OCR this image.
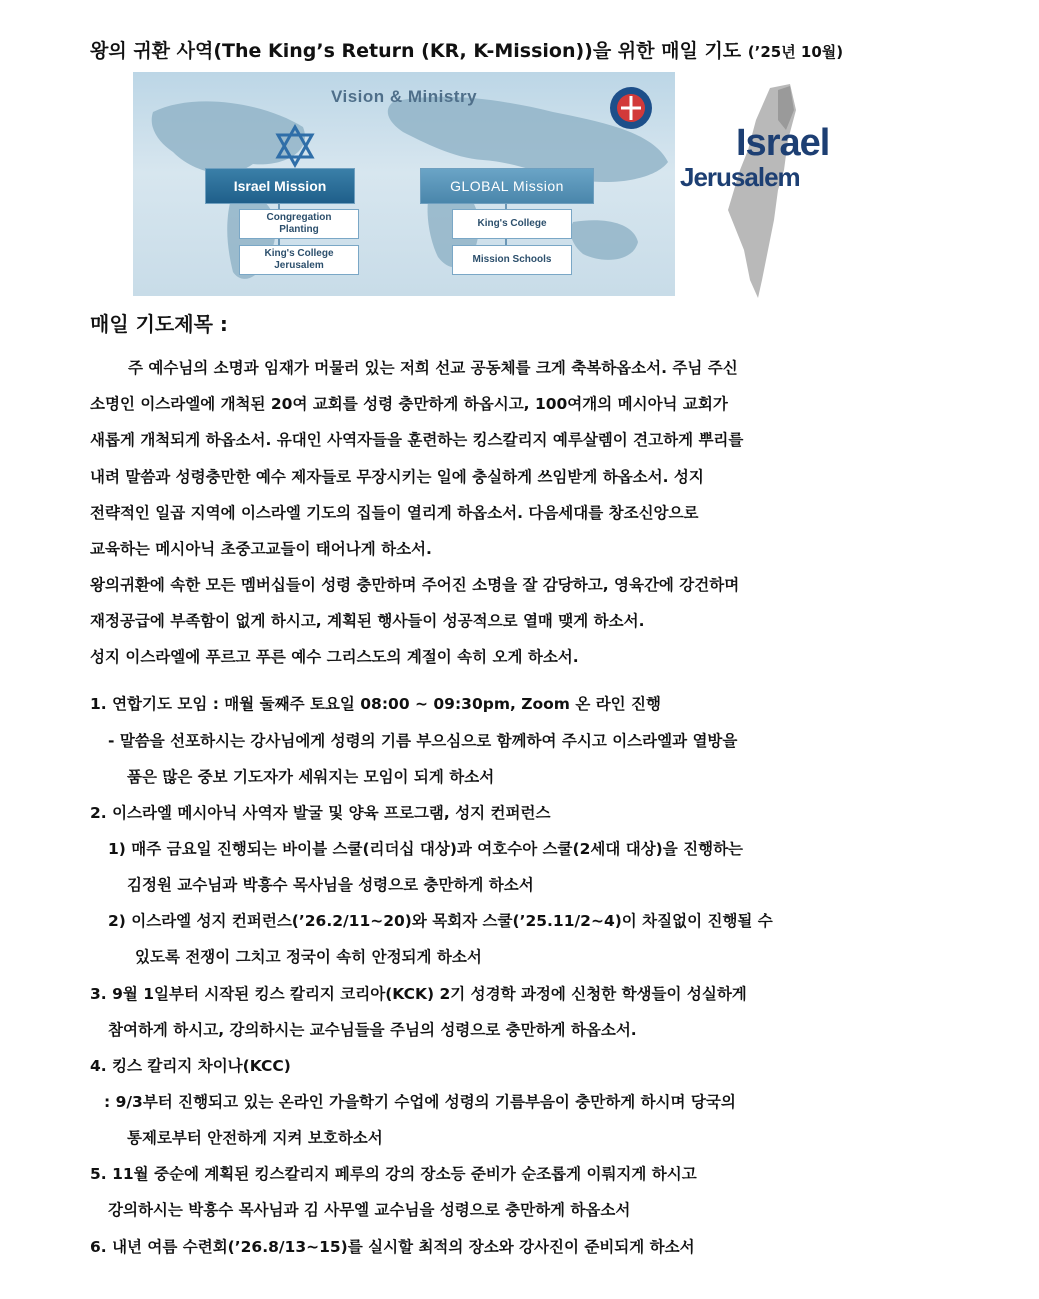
왕의 귀환 사역(The King’s Return (KR, K-Mission))을 위한 매일 기도 (’25년 10월)
Vision & Ministry
Israel Mission	GLOBAL Mission
Congregation
Planting
King's College
Jerusalem
King's College
Mission Schools
Israel
Jerusalem
매일 기도제목 :
주 예수님의 소명과 임재가 머물러 있는 저희 선교 공동체를 크게 축복하옵소서. 주님 주신
소명인 이스라엘에 개척된 20여 교회를 성령 충만하게 하옵시고, 100여개의 메시아닉 교회가
새롭게 개척되게 하옵소서. 유대인 사역자들을 훈련하는 킹스칼리지 예루살렘이 견고하게 뿌리를
내려 말씀과 성령충만한 예수 제자들로 무장시키는 일에 충실하게 쓰임받게 하옵소서. 성지
전략적인 일곱 지역에 이스라엘 기도의 집들이 열리게 하옵소서. 다음세대를 창조신앙으로
교육하는 메시아닉 초중고교들이 태어나게 하소서.
왕의귀환에 속한 모든 멤버십들이 성령 충만하며 주어진 소명을 잘 감당하고, 영육간에 강건하며
재정공급에 부족함이 없게 하시고, 계획된 행사들이 성공적으로 열매 맺게 하소서.
성지 이스라엘에 푸르고 푸른 예수 그리스도의 계절이 속히 오게 하소서.
1. 연합기도 모임 : 매월 둘째주 토요일 08:00 ~ 09:30pm, Zoom 온 라인 진행
- 말씀을 선포하시는 강사님에게 성령의 기름 부으심으로 함께하여 주시고 이스라엘과 열방을
품은 많은 중보 기도자가 세워지는 모임이 되게 하소서
2. 이스라엘 메시아닉 사역자 발굴 및 양육 프로그램, 성지 컨퍼런스
1) 매주 금요일 진행되는 바이블 스쿨(리더십 대상)과 여호수아 스쿨(2세대 대상)을 진행하는
김정원 교수님과 박흥수 목사님을 성령으로 충만하게 하소서
2) 이스라엘 성지 컨퍼런스(’26.2/11~20)와 목회자 스쿨(’25.11/2~4)이 차질없이 진행될 수
있도록 전쟁이 그치고 정국이 속히 안정되게 하소서
3. 9월 1일부터 시작된 킹스 칼리지 코리아(KCK) 2기 성경학 과정에 신청한 학생들이 성실하게
참여하게 하시고, 강의하시는 교수님들을 주님의 성령으로 충만하게 하옵소서.
4. 킹스 칼리지 차이나(KCC)
: 9/3부터 진행되고 있는 온라인 가을학기 수업에 성령의 기름부음이 충만하게 하시며 당국의
통제로부터 안전하게 지켜 보호하소서
5. 11월 중순에 계획된 킹스칼리지 페루의 강의 장소등 준비가 순조롭게 이뤄지게 하시고
강의하시는 박흥수 목사님과 김 사무엘 교수님을 성령으로 충만하게 하옵소서
6. 내년 여름 수련회(’26.8/13~15)를 실시할 최적의 장소와 강사진이 준비되게 하소서
